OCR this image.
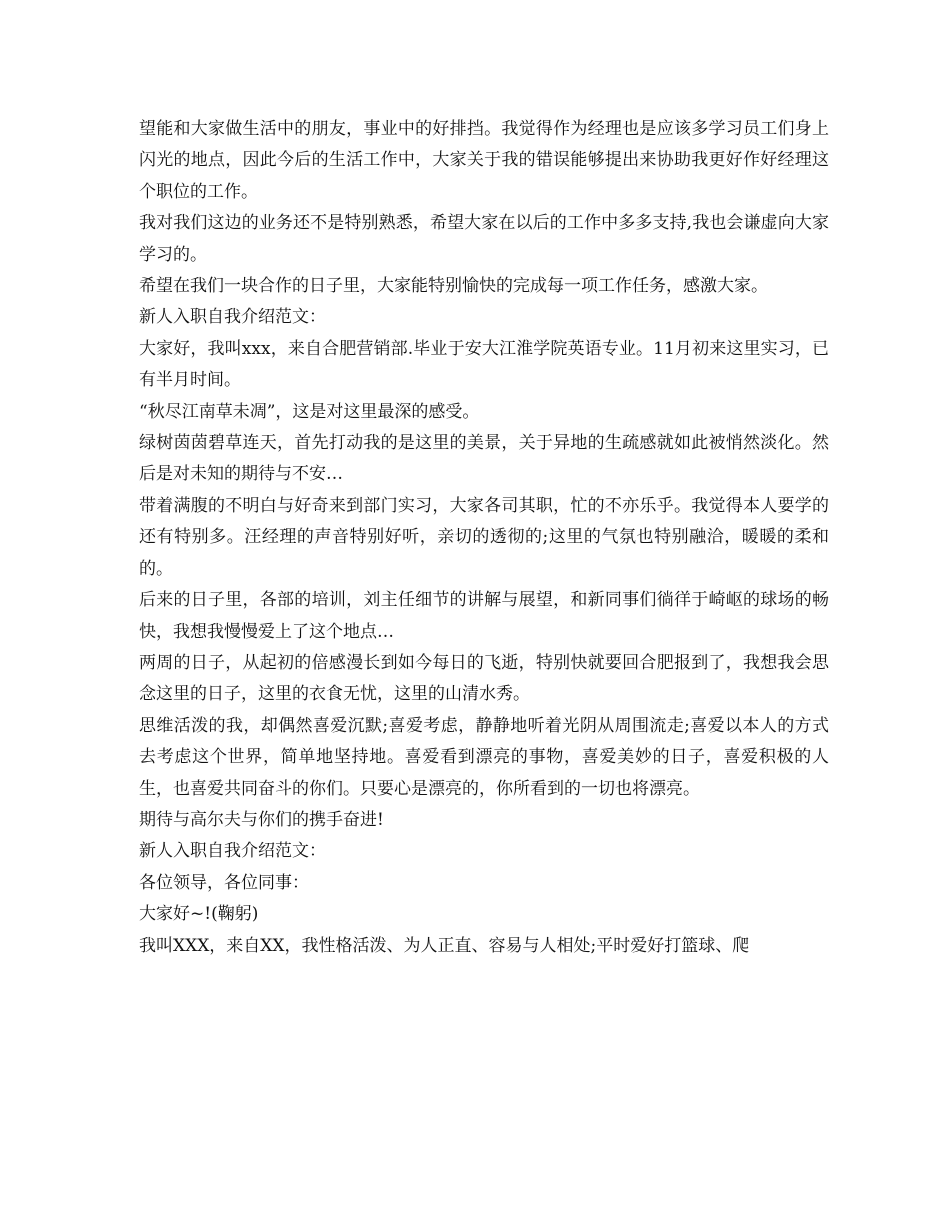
望能和大家做生活中的朋友，事业中的好排挡。我觉得作为经理也是应该多学习员工们身上闪光的地点，因此今后的生活工作中，大家关于我的错误能够提出来协助我更好作好经理这个职位的工作。

我对我们这边的业务还不是特别熟悉，希望大家在以后的工作中多多支持,我也会谦虚向大家学习的。

希望在我们一块合作的日子里，大家能特别愉快的完成每一项工作任务，感激大家。

新人入职自我介绍范文：

大家好，我叫xxx，来自合肥营销部.毕业于安大江淮学院英语专业。11月初来这里实习，已有半月时间。

“秋尽江南草未凋”，这是对这里最深的感受。

绿树茵茵碧草连天，首先打动我的是这里的美景，关于异地的生疏感就如此被悄然淡化。然后是对未知的期待与不安…

带着满腹的不明白与好奇来到部门实习，大家各司其职，忙的不亦乐乎。我觉得本人要学的还有特别多。汪经理的声音特别好听，亲切的透彻的;这里的气氛也特别融洽，暖暖的柔和的。

后来的日子里，各部的培训，刘主任细节的讲解与展望，和新同事们徜徉于崎岖的球场的畅快，我想我慢慢爱上了这个地点…

两周的日子，从起初的倍感漫长到如今每日的飞逝，特别快就要回合肥报到了，我想我会思念这里的日子，这里的衣食无忧，这里的山清水秀。

思维活泼的我，却偶然喜爱沉默;喜爱考虑，静静地听着光阴从周围流走;喜爱以本人的方式去考虑这个世界，简单地坚持地。喜爱看到漂亮的事物，喜爱美妙的日子，喜爱积极的人生，也喜爱共同奋斗的你们。只要心是漂亮的，你所看到的一切也将漂亮。

期待与高尔夫与你们的携手奋进!

新人入职自我介绍范文：

各位领导，各位同事：

大家好~!(鞠躬)

我叫XXX，来自XX，我性格活泼、为人正直、容易与人相处;平时爱好打篮球、爬
